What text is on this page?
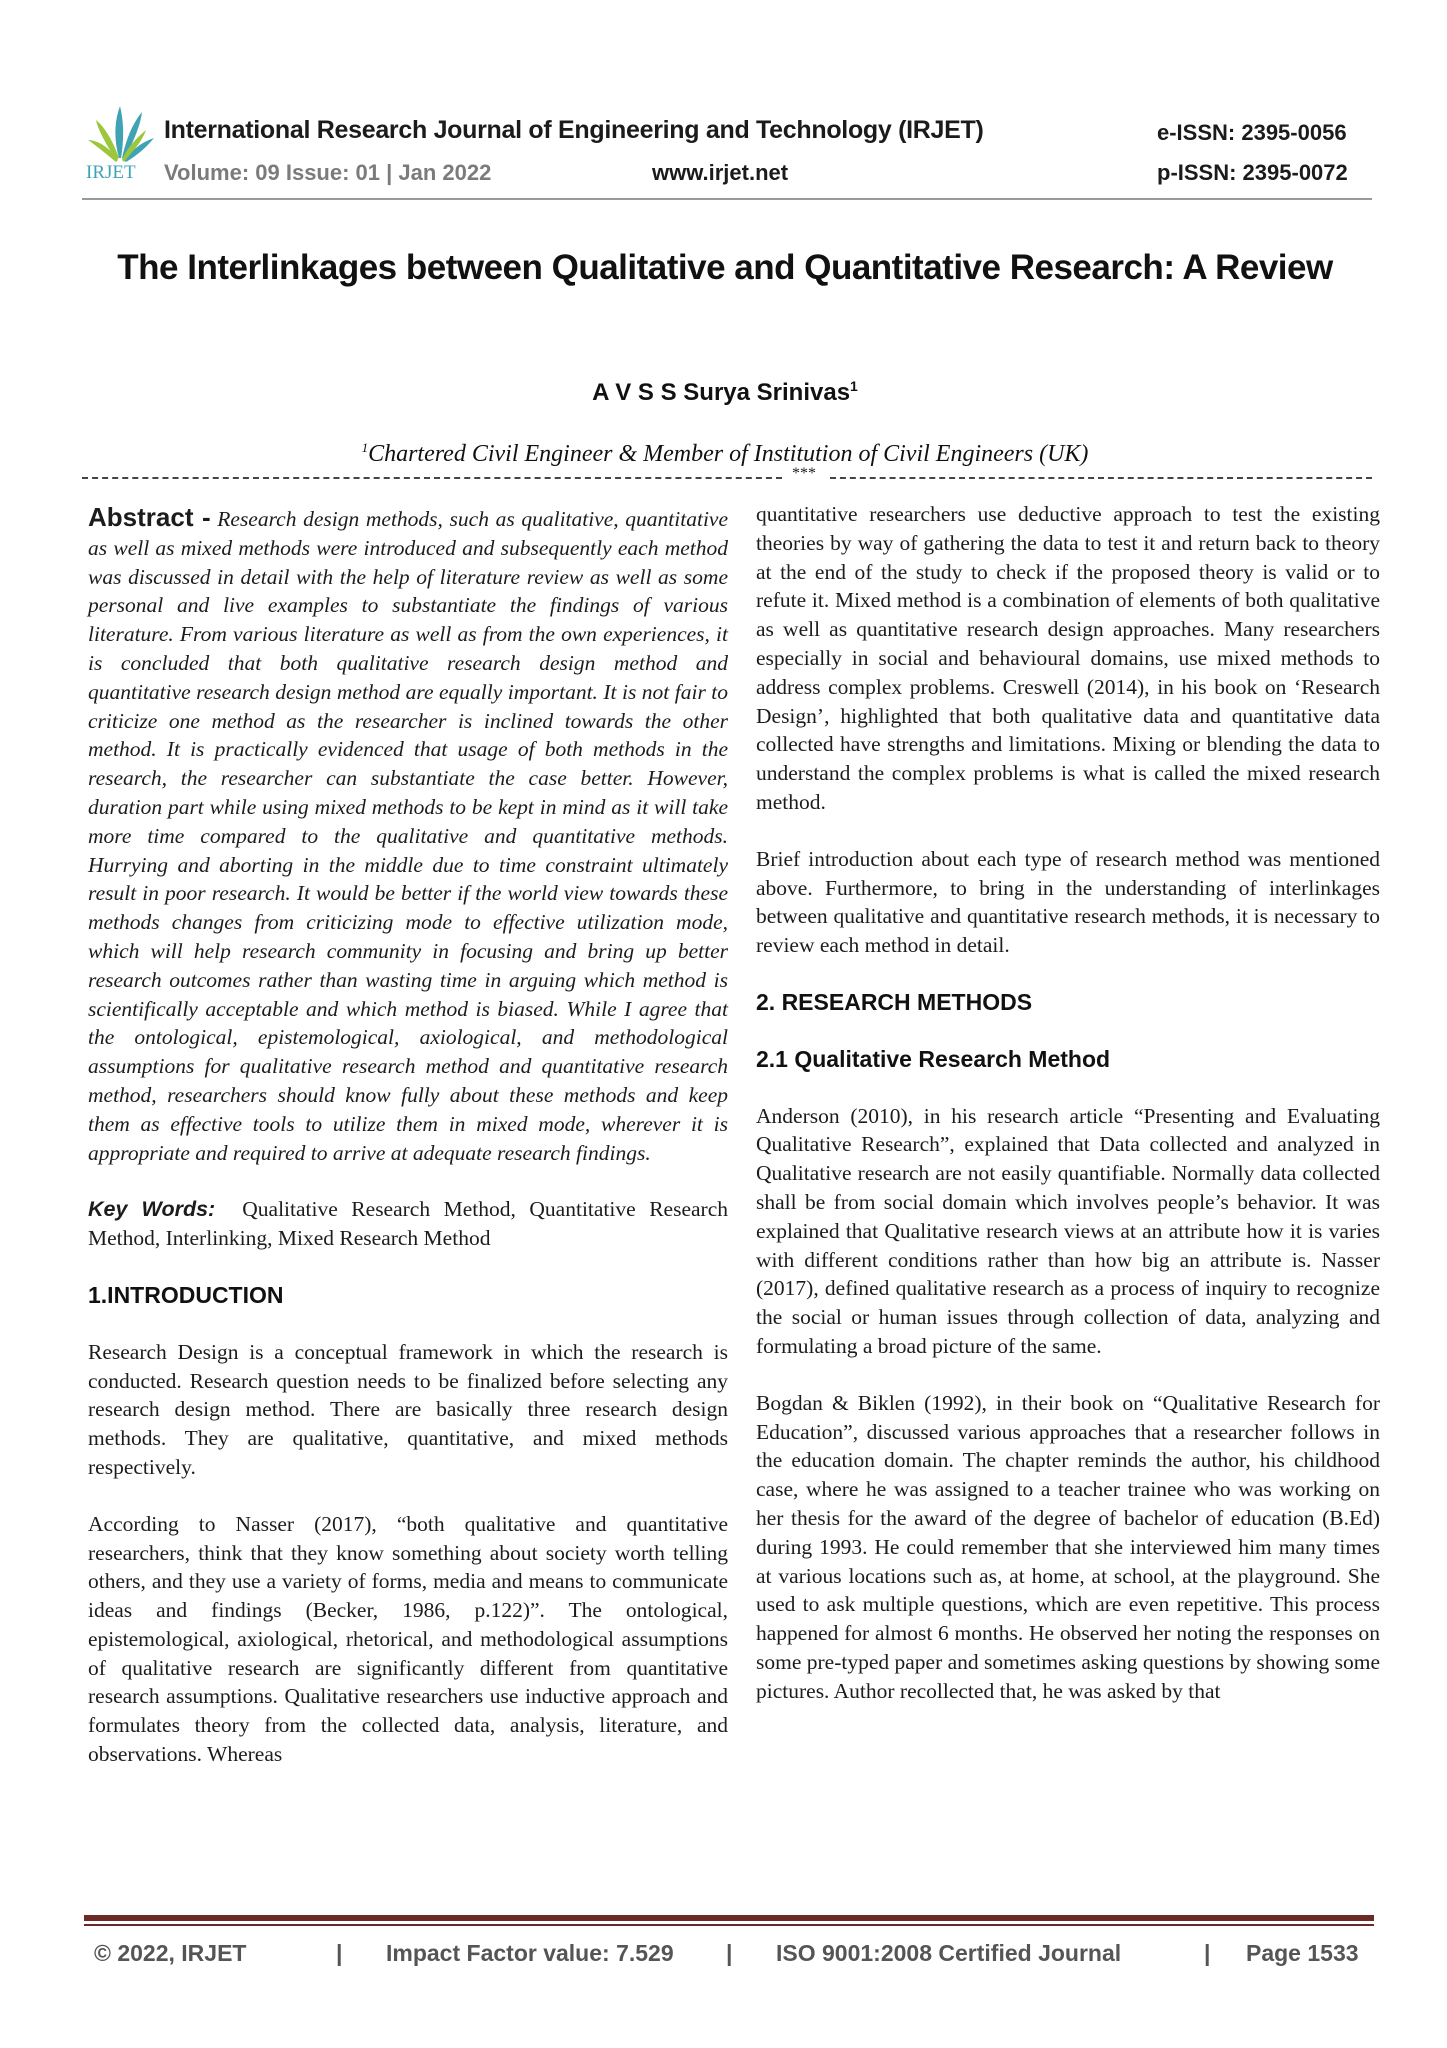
IRJET
International Research Journal of Engineering and Technology (IRJET)
Volume: 09 Issue: 01 | Jan 2022	www.irjet.net
e-ISSN: 2395-0056
p-ISSN: 2395-0072
The Interlinkages between Qualitative and Quantitative Research: A Review
A V S S Surya Srinivas$^1$
$^1$Chartered Civil Engineer & Member of Institution of Civil Engineers (UK)
***

Abstract - Research design methods, such as qualitative, quantitative as well as mixed methods were introduced and subsequently each method was discussed in detail with the help of literature review as well as some personal and live examples to substantiate the findings of various literature. From various literature as well as from the own experiences, it is concluded that both qualitative research design method and quantitative research design method are equally important. It is not fair to criticize one method as the researcher is inclined towards the other method. It is practically evidenced that usage of both methods in the research, the researcher can substantiate the case better. However, duration part while using mixed methods to be kept in mind as it will take more time compared to the qualitative and quantitative methods. Hurrying and aborting in the middle due to time constraint ultimately result in poor research. It would be better if the world view towards these methods changes from criticizing mode to effective utilization mode, which will help research community in focusing and bring up better research outcomes rather than wasting time in arguing which method is scientifically acceptable and which method is biased. While I agree that the ontological, epistemological, axiological, and methodological assumptions for qualitative research method and quantitative research method, researchers should know fully about these methods and keep them as effective tools to utilize them in mixed mode, wherever it is appropriate and required to arrive at adequate research findings.

Key Words: Qualitative Research Method, Quantitative Research Method, Interlinking, Mixed Research Method

1.INTRODUCTION

Research Design is a conceptual framework in which the research is conducted. Research question needs to be finalized before selecting any research design method. There are basically three research design methods. They are qualitative, quantitative, and mixed methods respectively.

According to Nasser (2017), “both qualitative and quantitative researchers, think that they know something about society worth telling others, and they use a variety of forms, media and means to communicate ideas and findings (Becker, 1986, p.122)”. The ontological, epistemological, axiological, rhetorical, and methodological assumptions of qualitative research are significantly different from quantitative research assumptions. Qualitative researchers use inductive approach and formulates theory from the collected data, analysis, literature, and observations. Whereas

quantitative researchers use deductive approach to test the existing theories by way of gathering the data to test it and return back to theory at the end of the study to check if the proposed theory is valid or to refute it. Mixed method is a combination of elements of both qualitative as well as quantitative research design approaches. Many researchers especially in social and behavioural domains, use mixed methods to address complex problems. Creswell (2014), in his book on ‘Research Design’, highlighted that both qualitative data and quantitative data collected have strengths and limitations. Mixing or blending the data to understand the complex problems is what is called the mixed research method.

Brief introduction about each type of research method was mentioned above. Furthermore, to bring in the understanding of interlinkages between qualitative and quantitative research methods, it is necessary to review each method in detail.

2. RESEARCH METHODS

2.1 Qualitative Research Method

Anderson (2010), in his research article “Presenting and Evaluating Qualitative Research”, explained that Data collected and analyzed in Qualitative research are not easily quantifiable. Normally data collected shall be from social domain which involves people’s behavior. It was explained that Qualitative research views at an attribute how it is varies with different conditions rather than how big an attribute is. Nasser (2017), defined qualitative research as a process of inquiry to recognize the social or human issues through collection of data, analyzing and formulating a broad picture of the same.

Bogdan & Biklen (1992), in their book on “Qualitative Research for Education”, discussed various approaches that a researcher follows in the education domain. The chapter reminds the author, his childhood case, where he was assigned to a teacher trainee who was working on her thesis for the award of the degree of bachelor of education (B.Ed) during 1993. He could remember that she interviewed him many times at various locations such as, at home, at school, at the playground. She used to ask multiple questions, which are even repetitive. This process happened for almost 6 months. He observed her noting the responses on some pre-typed paper and sometimes asking questions by showing some pictures. Author recollected that, he was asked by that

© 2022, IRJET	| Impact Factor value: 7.529 | ISO 9001:2008 Certified Journal	| Page 1533
